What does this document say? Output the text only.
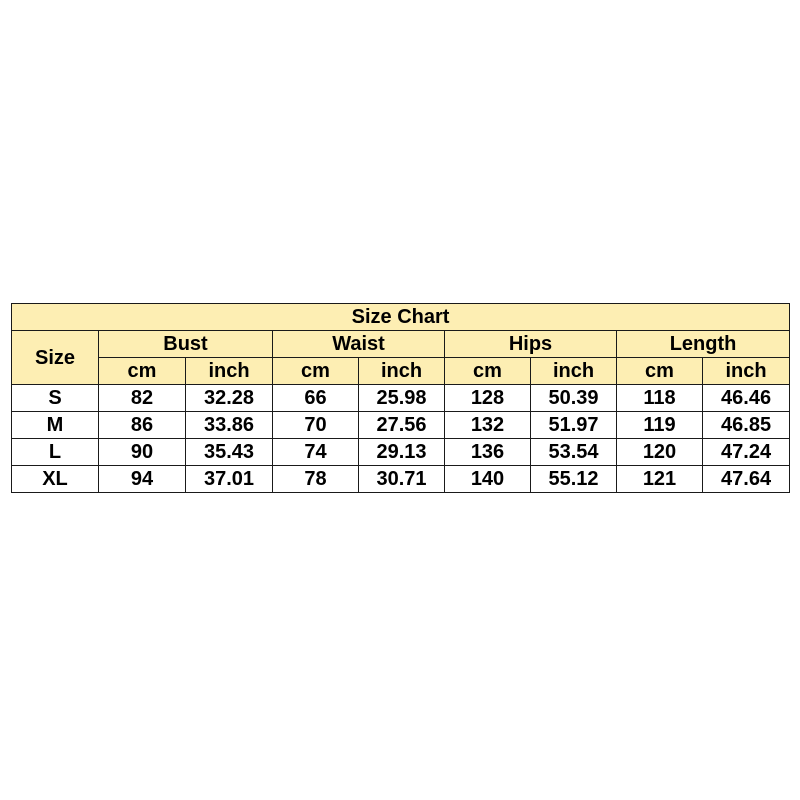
Size Chart								
Size	Bust		Waist		Hips		Length	
	cm	inch	cm	inch	cm	inch	cm	inch
S	82	32.28	66	25.98	128	50.39	118	46.46
M	86	33.86	70	27.56	132	51.97	119	46.85
L	90	35.43	74	29.13	136	53.54	120	47.24
XL	94	37.01	78	30.71	140	55.12	121	47.64
